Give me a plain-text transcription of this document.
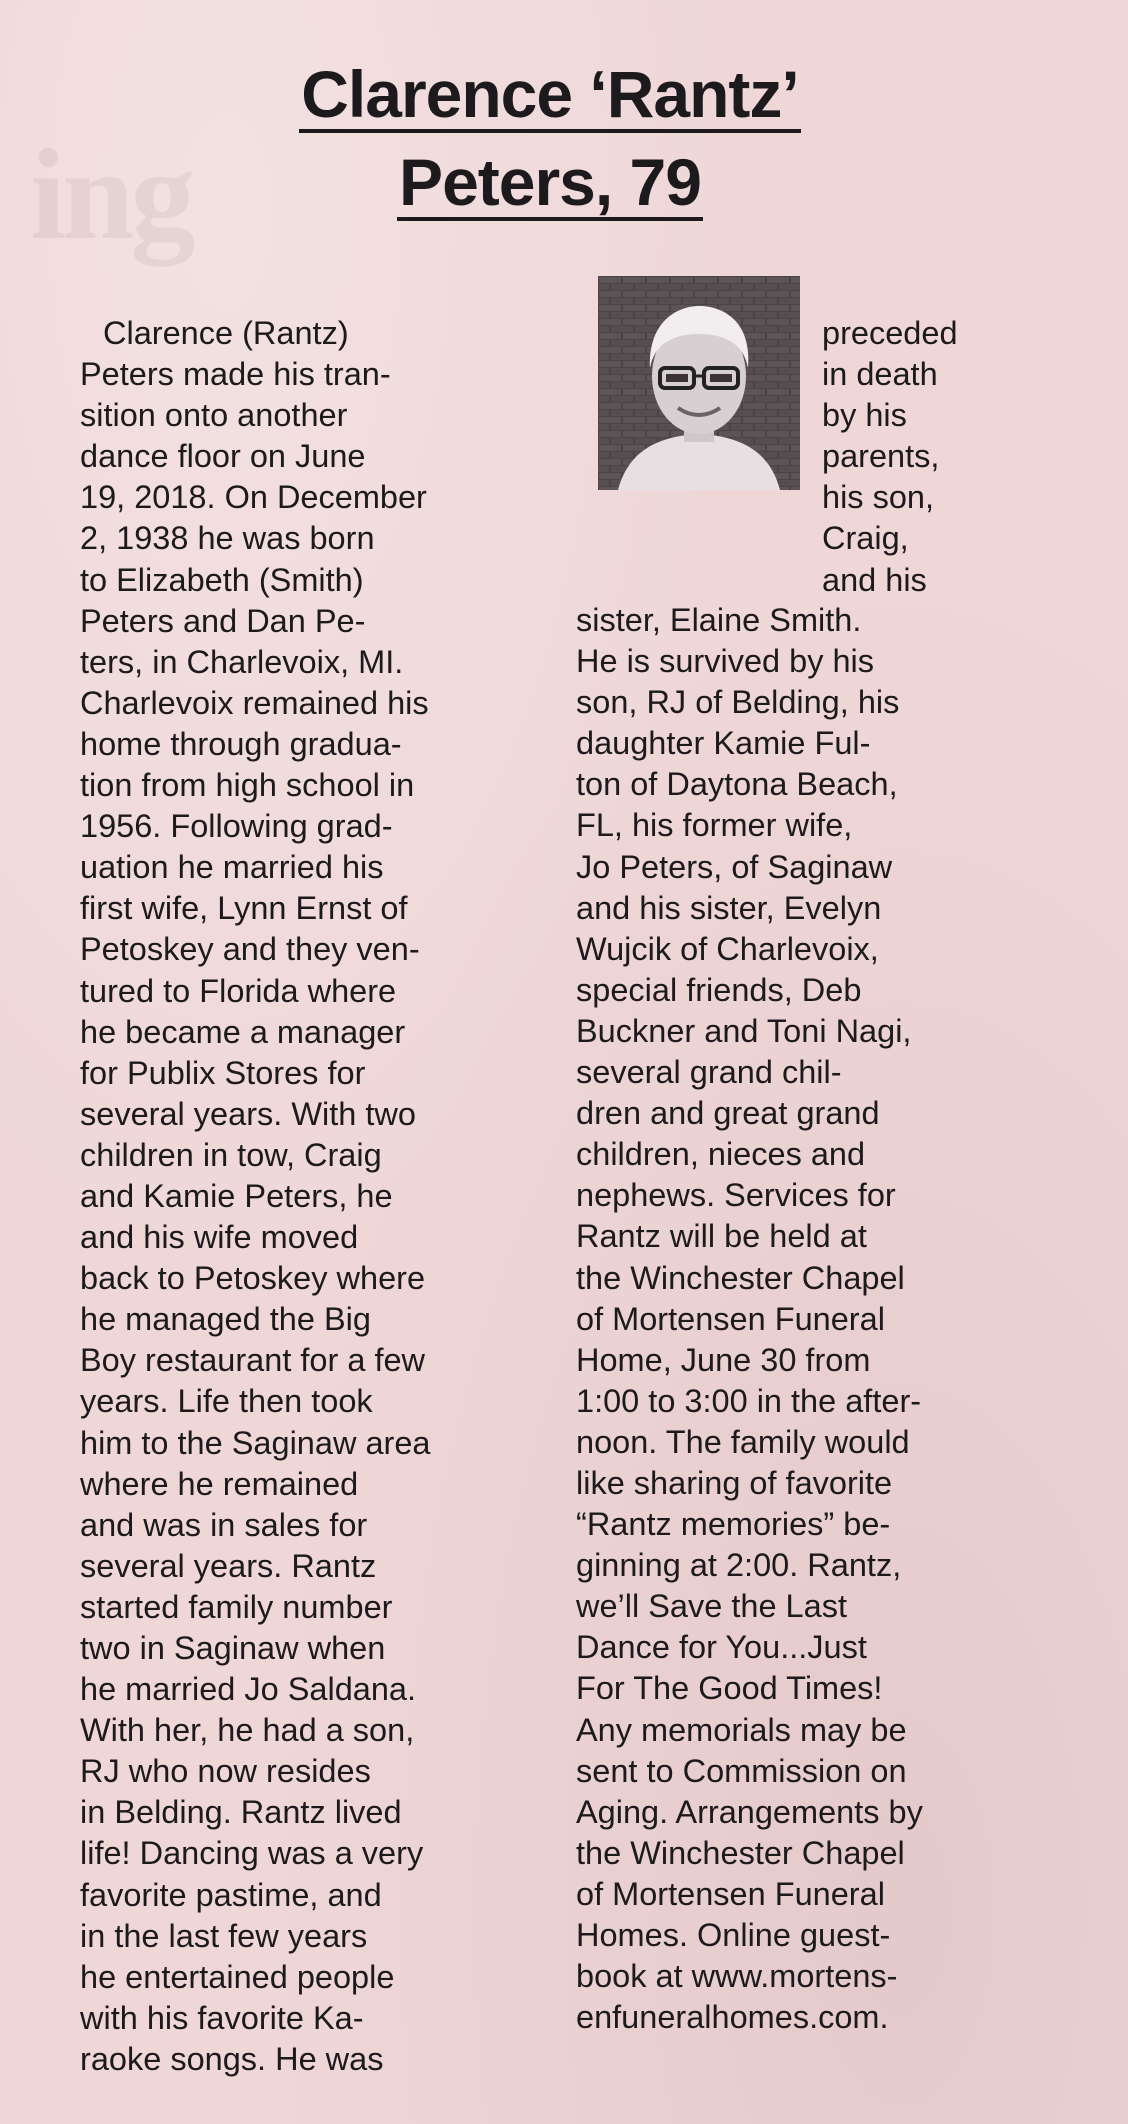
ing
Clarence ‘Rantz’
Peters, 79
Clarence (Rantz)
Peters made his tran-
sition onto another
dance floor on June
19, 2018. On December
2, 1938 he was born
to Elizabeth (Smith)
Peters and Dan Pe-
ters, in Charlevoix, MI.
Charlevoix remained his
home through gradua-
tion from high school in
1956. Following grad-
uation he married his
first wife, Lynn Ernst of
Petoskey and they ven-
tured to Florida where
he became a manager
for Publix Stores for
several years. With two
children in tow, Craig
and Kamie Peters, he
and his wife moved
back to Petoskey where
he managed the Big
Boy restaurant for a few
years. Life then took
him to the Saginaw area
where he remained
and was in sales for
several years. Rantz
started family number
two in Saginaw when
he married Jo Saldana.
With her, he had a son,
RJ who now resides
in Belding. Rantz lived
life! Dancing was a very
favorite pastime, and
in the last few years
he entertained people
with his favorite Ka-
raoke songs. He was
preceded
in death
by his
parents,
his son,
Craig,
and his
sister, Elaine Smith.
He is survived by his
son, RJ of Belding, his
daughter Kamie Ful-
ton of Daytona Beach,
FL, his former wife,
Jo Peters, of Saginaw
and his sister, Evelyn
Wujcik of Charlevoix,
special friends, Deb
Buckner and Toni Nagi,
several grand chil-
dren and great grand
children, nieces and
nephews. Services for
Rantz will be held at
the Winchester Chapel
of Mortensen Funeral
Home, June 30 from
1:00 to 3:00 in the after-
noon. The family would
like sharing of favorite
“Rantz memories” be-
ginning at 2:00. Rantz,
we’ll Save the Last
Dance for You...Just
For The Good Times!
Any memorials may be
sent to Commission on
Aging. Arrangements by
the Winchester Chapel
of Mortensen Funeral
Homes. Online guest-
book at www.mortens-
enfuneralhomes.com.
